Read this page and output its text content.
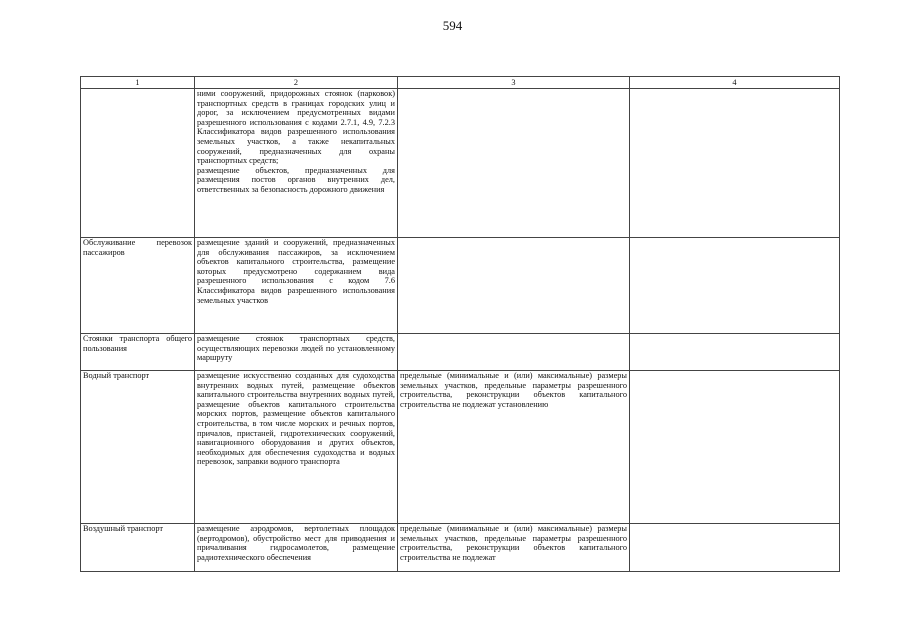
594
1	2	3	4

	ними сооружений, придорожных стоянок (парковок) транспортных средств в границах городских улиц и дорог, за исключением предусмотренных видами разрешенного использования с кодами 2.7.1, 4.9, 7.2.3 Классификатора видов разрешенного использования земельных участков, а также некапитальных сооружений, предназначенных для охраны транспортных средств;
размещение объектов, предназначенных для размещения постов органов внутренних дел, ответственных за безопасность дорожного движения		

Обслуживание перевозок пассажиров	размещение зданий и сооружений, предназначенных для обслуживания пассажиров, за исключением объектов капитального строительства, размещение которых предусмотрено содержанием вида разрешенного использования с кодом 7.6 Классификатора видов разрешенного использования земельных участков		

Стоянки транспорта общего пользования	размещение стоянок транспортных средств, осуществляющих перевозки людей по установленному маршруту		

Водный транспорт	размещение искусственно созданных для судоходства внутренних водных путей, размещение объектов капитального строительства внутренних водных путей, размещение объектов капитального строительства морских портов, размещение объектов капитального строительства, в том числе морских и речных портов, причалов, пристаней, гидротехнических сооружений, навигационного оборудования и других объектов, необходимых для обеспечения судоходства и водных перевозок, заправки водного транспорта	предельные (минимальные и (или) максимальные) размеры земельных участков, предельные параметры разрешенного строительства, реконструкции объектов капитального строительства не подлежат установлению	
Воздушный транспорт	размещение аэродромов, вертолетных площадок (вертодромов), обустройство мест для приводнения и причаливания гидросамолетов, размещение радиотехнического обеспечения	предельные (минимальные и (или) максимальные) размеры земельных участков, предельные параметры разрешенного строительства, реконструкции объектов капитального строительства не подлежат	
